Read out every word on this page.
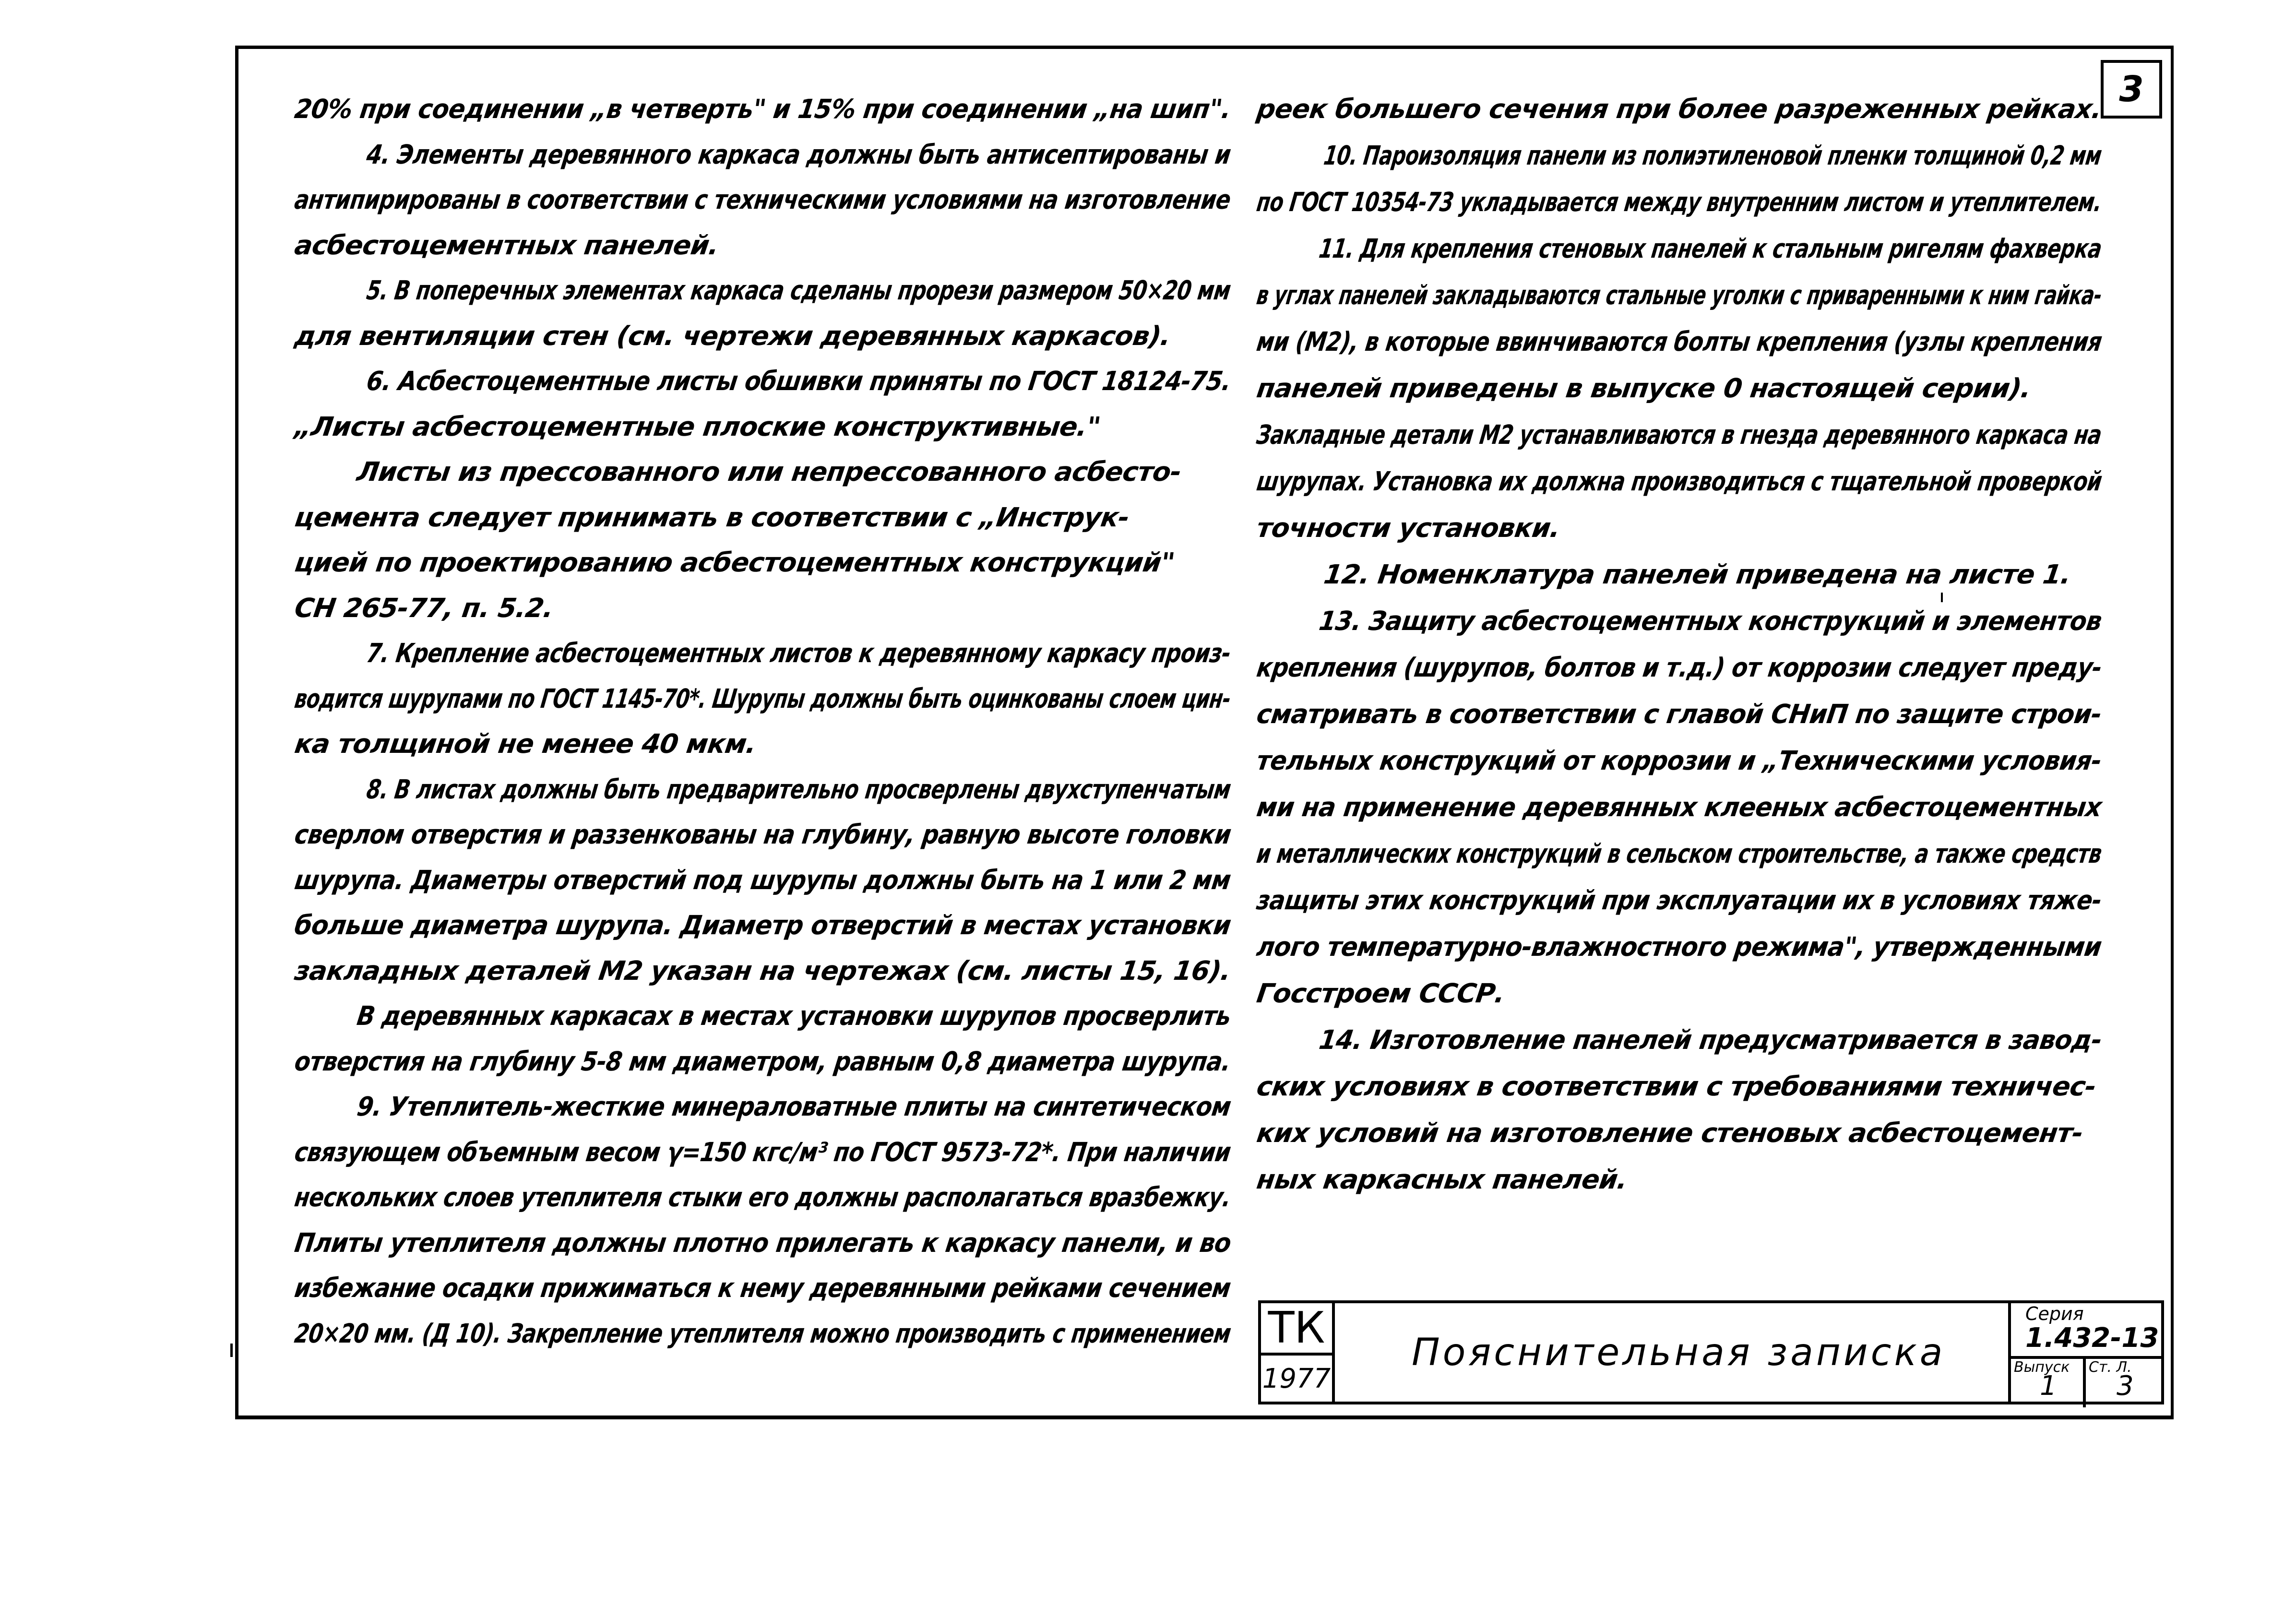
3
20% при соединении „в четверть" и 15% при соединении „на шип".
4. Элементы деревянного каркаса должны быть антисептированы и
антипирированы в соответствии с техническими условиями на изготовление
асбестоцементных панелей.
5. В поперечных элементах каркаса сделаны прорези размером 50×20 мм
для вентиляции стен (см. чертежи деревянных каркасов).
6. Асбестоцементные листы обшивки приняты по ГОСТ 18124-75.
„Листы асбестоцементные плоские конструктивные."
Листы из прессованного или непрессованного асбесто-
цемента следует принимать в соответствии с „Инструк-
цией по проектированию асбестоцементных конструкций"
СН 265-77, п. 5.2.
7. Крепление асбестоцементных листов к деревянному каркасу произ-
водится шурупами по ГОСТ 1145-70*. Шурупы должны быть оцинкованы слоем цин-
ка толщиной не менее 40 мкм.
8. В листах должны быть предварительно просверлены двухступенчатым
сверлом отверстия и раззенкованы на глубину, равную высоте головки
шурупа. Диаметры отверстий под шурупы должны быть на 1 или 2 мм
больше диаметра шурупа. Диаметр отверстий в местах установки
закладных деталей М2 указан на чертежах (см. листы 15, 16).
В деревянных каркасах в местах установки шурупов просверлить
отверстия на глубину 5-8 мм диаметром, равным 0,8 диаметра шурупа.
9. Утеплитель-жесткие минераловатные плиты на синтетическом
связующем объемным весом γ=150 кгс/м³ по ГОСТ 9573-72*. При наличии
нескольких слоев утеплителя стыки его должны располагаться вразбежку.
Плиты утеплителя должны плотно прилегать к каркасу панели, и во
избежание осадки прижиматься к нему деревянными рейками сечением
20×20 мм. (Д 10). Закрепление утеплителя можно производить с применением
реек большего сечения при более разреженных рейках.
10. Пароизоляция панели из полиэтиленовой пленки толщиной 0,2 мм
по ГОСТ 10354-73 укладывается между внутренним листом и утеплителем.
11. Для крепления стеновых панелей к стальным ригелям фахверка
в углах панелей закладываются стальные уголки с приваренными к ним гайка-
ми (М2), в которые ввинчиваются болты крепления (узлы крепления
панелей приведены в выпуске 0 настоящей серии).
Закладные детали М2 устанавливаются в гнезда деревянного каркаса на
шурупах. Установка их должна производиться с тщательной проверкой
точности установки.
12. Номенклатура панелей приведена на листе 1.
13. Защиту асбестоцементных конструкций и элементов
крепления (шурупов, болтов и т.д.) от коррозии следует преду-
сматривать в соответствии с главой СНиП по защите строи-
тельных конструкций от коррозии и „Техническими условия-
ми на применение деревянных клееных асбестоцементных
и металлических конструкций в сельском строительстве, а также средств
защиты этих конструкций при эксплуатации их в условиях тяже-
лого температурно-влажностного режима", утвержденными
Госстроем СССР.
14. Изготовление панелей предусматривается в завод-
ских условиях в соответствии с требованиями техничес-
ких условий на изготовление стеновых асбестоцемент-
ных каркасных панелей.
ТК
1977
Пояснительная записка
Серия
1.432-13
Выпуск
1
Ст. Л.
3
